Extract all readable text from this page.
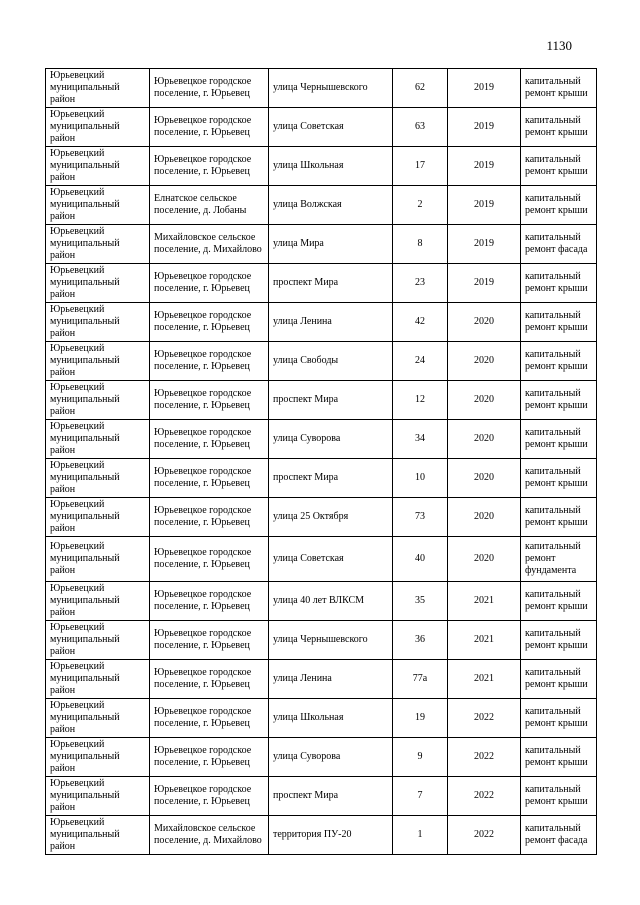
1130
Юрьевецкий муниципальный район	Юрьевецкое городское поселение, г. Юрьевец	улица Чернышевского	62	2019	капитальный ремонт крыши
Юрьевецкий муниципальный район	Юрьевецкое городское поселение, г. Юрьевец	улица Советская	63	2019	капитальный ремонт крыши
Юрьевецкий муниципальный район	Юрьевецкое городское поселение, г. Юрьевец	улица Школьная	17	2019	капитальный ремонт крыши
Юрьевецкий муниципальный район	Елнатское сельское поселение, д. Лобаны	улица Волжская	2	2019	капитальный ремонт крыши
Юрьевецкий муниципальный район	Михайловское сельское поселение, д. Михайлово	улица Мира	8	2019	капитальный ремонт фасада
Юрьевецкий муниципальный район	Юрьевецкое городское поселение, г. Юрьевец	проспект Мира	23	2019	капитальный ремонт крыши
Юрьевецкий муниципальный район	Юрьевецкое городское поселение, г. Юрьевец	улица Ленина	42	2020	капитальный ремонт крыши
Юрьевецкий муниципальный район	Юрьевецкое городское поселение, г. Юрьевец	улица Свободы	24	2020	капитальный ремонт крыши
Юрьевецкий муниципальный район	Юрьевецкое городское поселение, г. Юрьевец	проспект Мира	12	2020	капитальный ремонт крыши
Юрьевецкий муниципальный район	Юрьевецкое городское поселение, г. Юрьевец	улица Суворова	34	2020	капитальный ремонт крыши
Юрьевецкий муниципальный район	Юрьевецкое городское поселение, г. Юрьевец	проспект Мира	10	2020	капитальный ремонт крыши
Юрьевецкий муниципальный район	Юрьевецкое городское поселение, г. Юрьевец	улица 25 Октября	73	2020	капитальный ремонт крыши
Юрьевецкий муниципальный район	Юрьевецкое городское поселение, г. Юрьевец	улица Советская	40	2020	капитальный ремонт фундамента
Юрьевецкий муниципальный район	Юрьевецкое городское поселение, г. Юрьевец	улица 40 лет ВЛКСМ	35	2021	капитальный ремонт крыши
Юрьевецкий муниципальный район	Юрьевецкое городское поселение, г. Юрьевец	улица Чернышевского	36	2021	капитальный ремонт крыши
Юрьевецкий муниципальный район	Юрьевецкое городское поселение, г. Юрьевец	улица Ленина	77а	2021	капитальный ремонт крыши
Юрьевецкий муниципальный район	Юрьевецкое городское поселение, г. Юрьевец	улица Школьная	19	2022	капитальный ремонт крыши
Юрьевецкий муниципальный район	Юрьевецкое городское поселение, г. Юрьевец	улица Суворова	9	2022	капитальный ремонт крыши
Юрьевецкий муниципальный район	Юрьевецкое городское поселение, г. Юрьевец	проспект Мира	7	2022	капитальный ремонт крыши
Юрьевецкий муниципальный район	Михайловское сельское поселение, д. Михайлово	территория ПУ-20	1	2022	капитальный ремонт фасада
